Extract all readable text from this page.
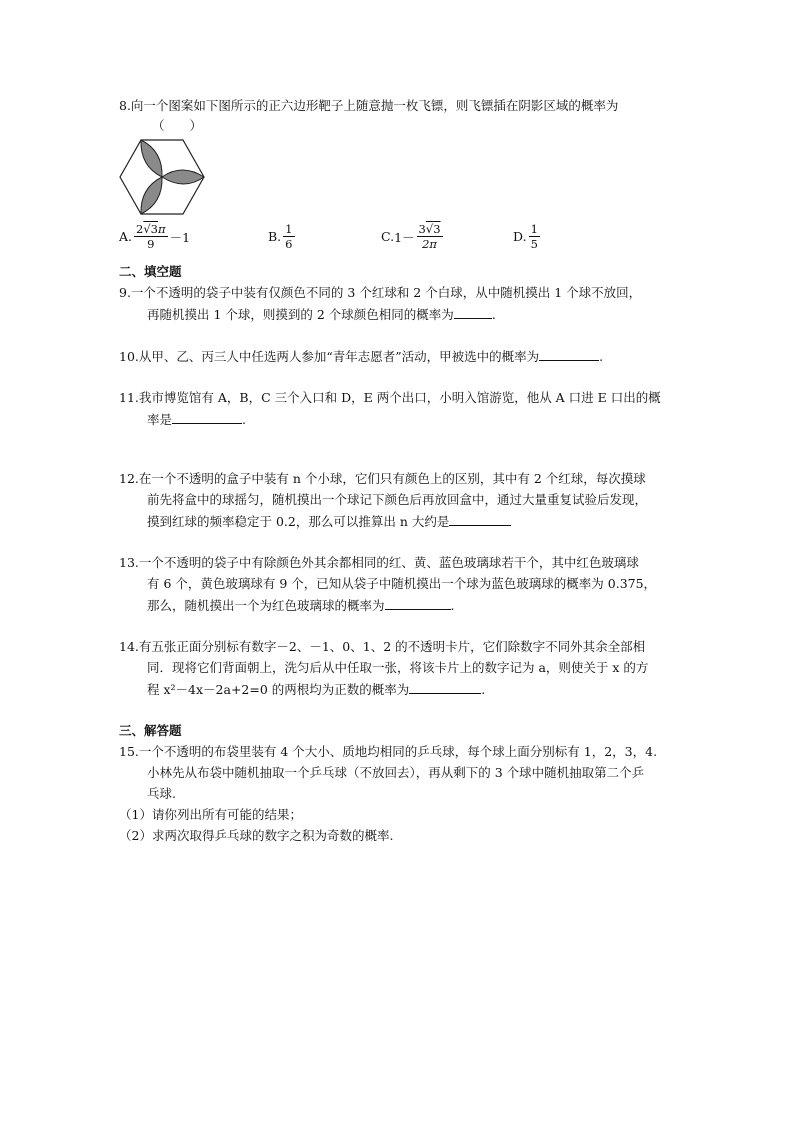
8.向一个图案如下图所示的正六边形靶子上随意抛一枚飞镖，则飞镖插在阴影区域的概率为
（　　）
A. $\frac{2√3\pi}{9} -1$	B. $\frac{1}{6}$	C. $1- \frac{3√3}{2\pi}$	D. $\frac{1}{5}$
二、填空题
9.一个不透明的袋子中装有仅颜色不同的 3 个红球和 2 个白球，从中随机摸出 1 个球不放回，
再随机摸出 1 个球，则摸到的 2 个球颜色相同的概率为	.
10.从甲、乙、丙三人中任选两人参加“青年志愿者”活动，甲被选中的概率为	.
11.我市博览馆有 A，B，C 三个入口和 D，E 两个出口，小明入馆游览，他从 A 口进 E 口出的概
率是	.
12.在一个不透明的盒子中装有 n 个小球，它们只有颜色上的区别，其中有 2 个红球，每次摸球
前先将盒中的球摇匀，随机摸出一个球记下颜色后再放回盒中，通过大量重复试验后发现，
摸到红球的频率稳定于 0.2，那么可以推算出 n 大约是
13.一个不透明的袋子中有除颜色外其余都相同的红、黄、蓝色玻璃球若干个，其中红色玻璃球
有 6 个，黄色玻璃球有 9 个，已知从袋子中随机摸出一个球为蓝色玻璃球的概率为 0.375，
那么，随机摸出一个为红色玻璃球的概率为	.
14.有五张正面分别标有数字－2、－1、0、1、2 的不透明卡片，它们除数字不同外其余全部相
同．现将它们背面朝上，洗匀后从中任取一张，将该卡片上的数字记为 a，则使关于 x 的方
程 x²－4x－2a+2=0 的两根均为正数的概率为	.
三、解答题
15.一个不透明的布袋里装有 4 个大小、质地均相同的乒乓球，每个球上面分别标有 1，2，3，4.
小林先从布袋中随机抽取一个乒乓球（不放回去），再从剩下的 3 个球中随机抽取第二个乒
乓球.
（1）请你列出所有可能的结果；
（2）求两次取得乒乓球的数字之积为奇数的概率.
